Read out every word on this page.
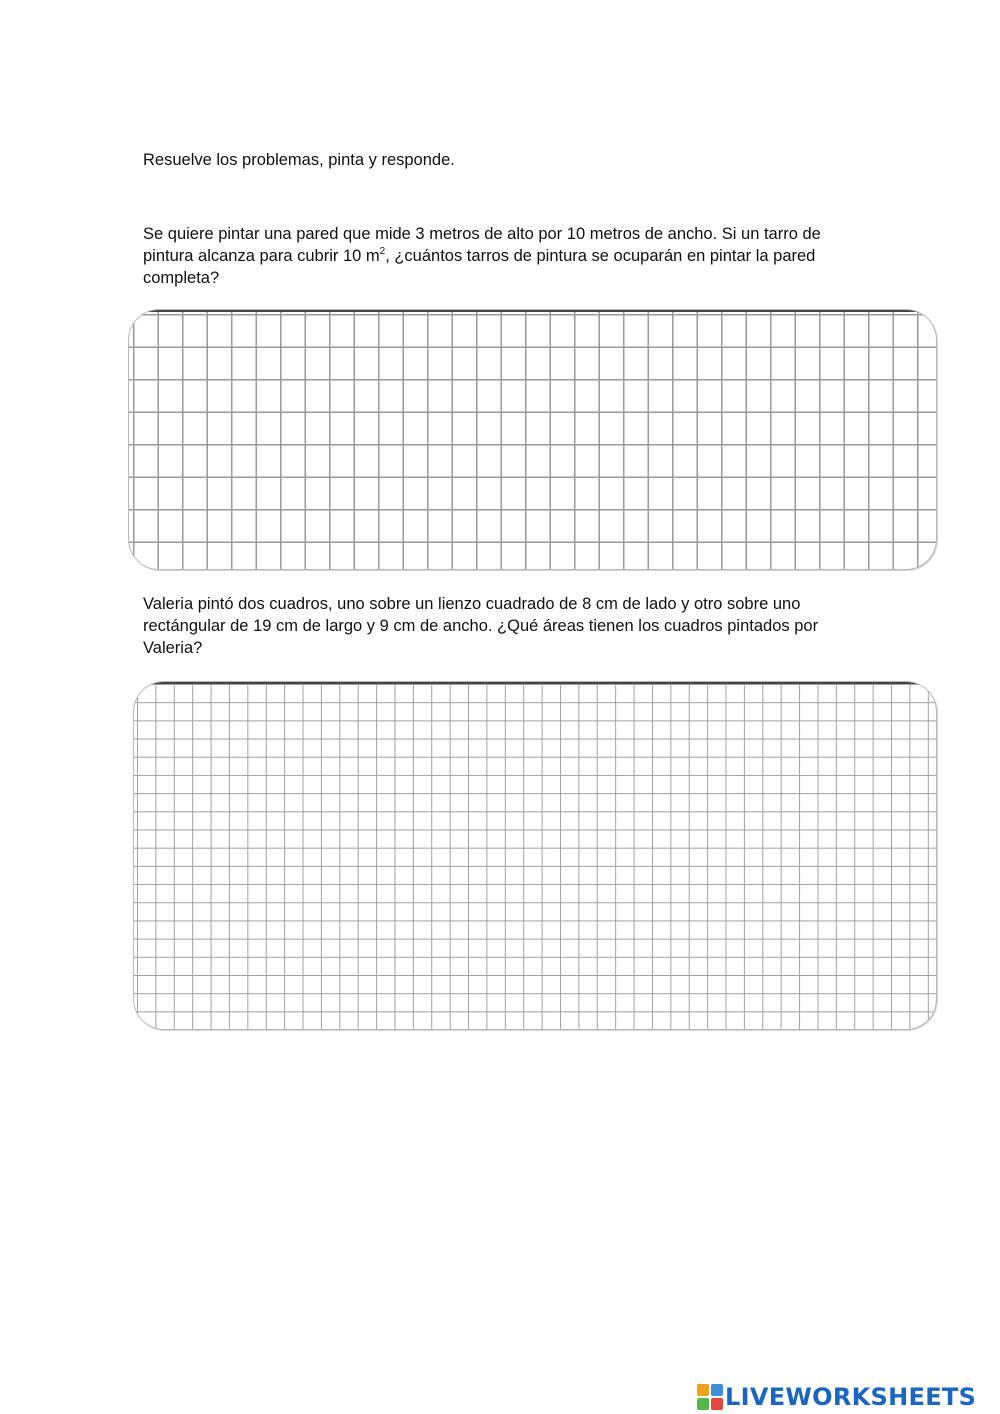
Resuelve los problemas, pinta y responde.

Se quiere pintar una pared que mide 3 metros de alto por 10 metros de ancho. Si un tarro de pintura alcanza para cubrir 10 $m^2$, ¿cuántos tarros de pintura se ocuparán en pintar la pared completa?

Valeria pintó dos cuadros, uno sobre un lienzo cuadrado de 8 cm de lado y otro sobre uno rectángular de 19 cm de largo y 9 cm de ancho. ¿Qué áreas tienen los cuadros pintados por Valeria?

LIVEWORKSHEETS
